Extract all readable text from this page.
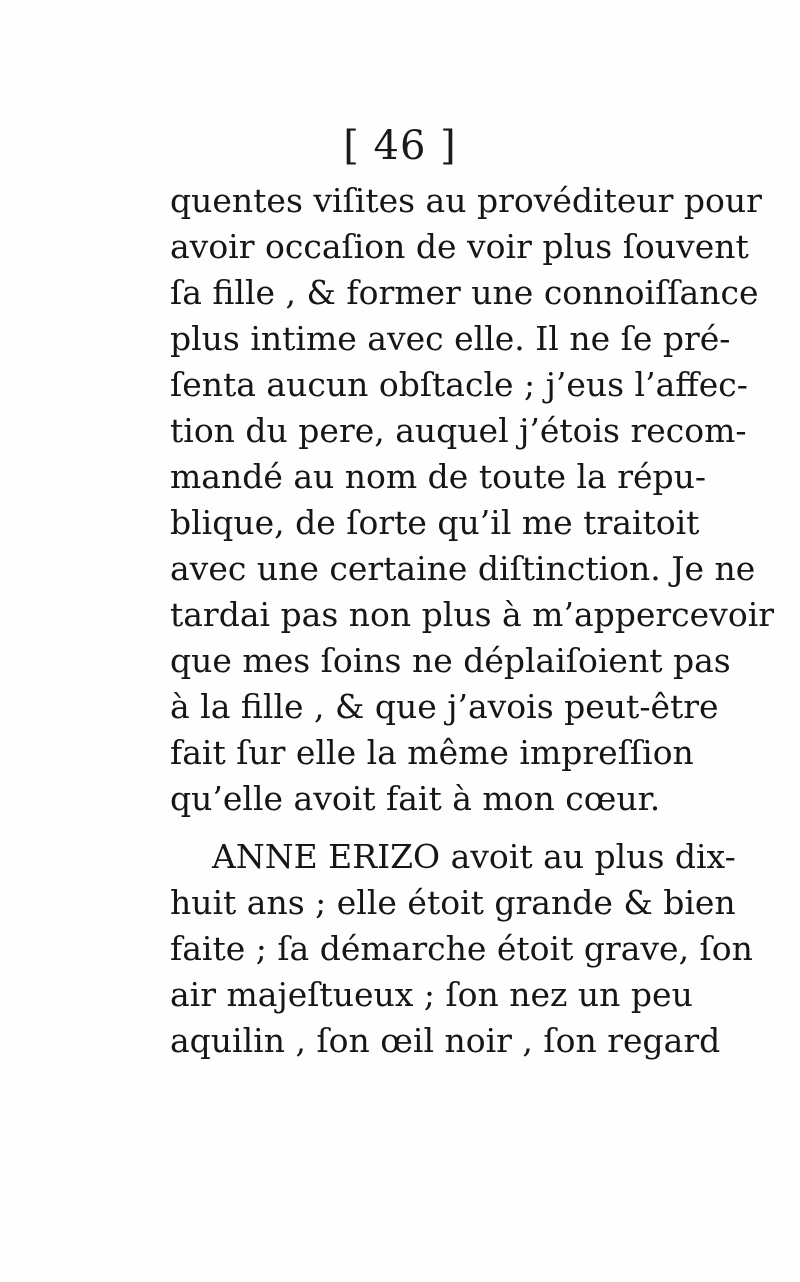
[ 46 ]
quentes viſites au provéditeur pour
avoir occaſion de voir plus ſouvent
ſa fille , & former une connoiſſance
plus intime avec elle. Il ne ſe pré-
ſenta aucun obſtacle ; j’eus l’affec-
tion du pere, auquel j’étois recom-
mandé au nom de toute la répu-
blique, de ſorte qu’il me traitoit
avec une certaine diſtinction. Je ne
tardai pas non plus à m’appercevoir
que mes ſoins ne déplaiſoient pas
à la fille , & que j’avois peut-être
fait ſur elle la même impreſſion
qu’elle avoit fait à mon cœur.
ANNE ERIZO avoit au plus dix-
huit ans ; elle étoit grande & bien
faite ; ſa démarche étoit grave, ſon
air majeſtueux ; ſon nez un peu
aquilin , ſon œil noir , ſon regard
